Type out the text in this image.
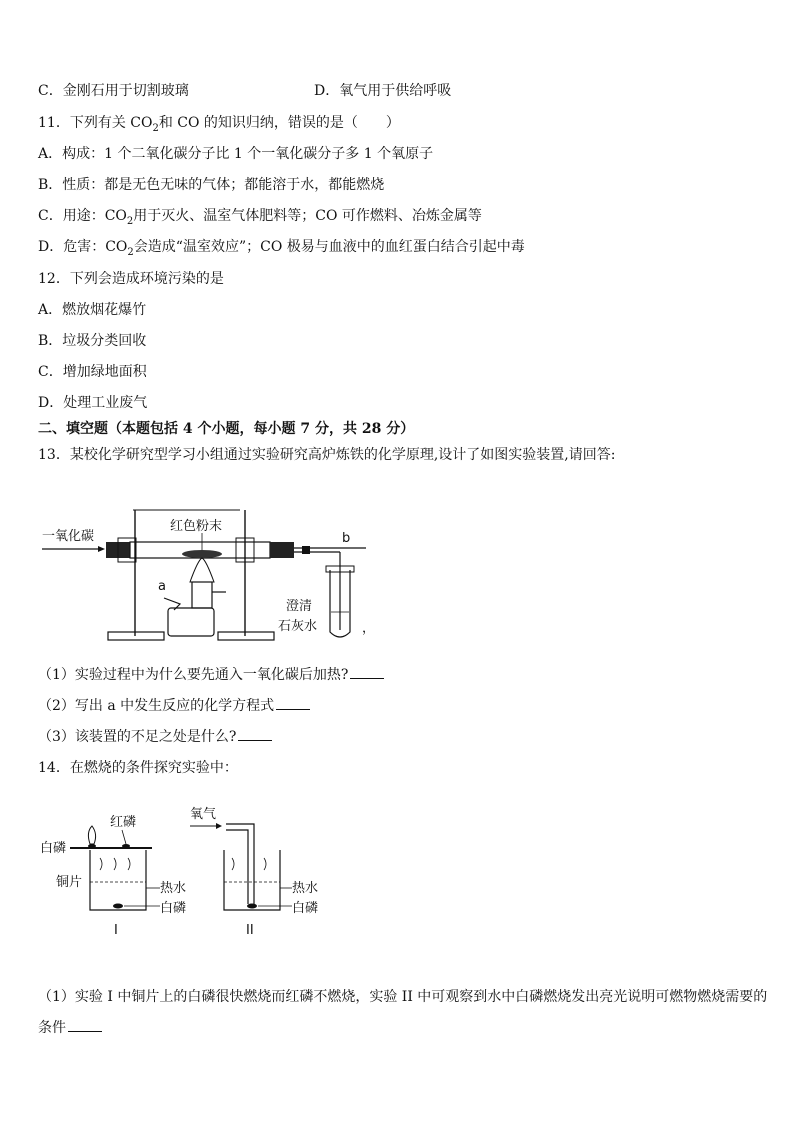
C．金刚石用于切割玻璃	D．氧气用于供给呼吸
11．下列有关 $CO_2$和 CO 的知识归纳，错误的是（　　）
A．构成：1 个二氧化碳分子比 1 个一氧化碳分子多 1 个氧原子
B．性质：都是无色无味的气体；都能溶于水，都能燃烧
C．用途：$CO_2$用于灭火、温室气体肥料等；CO 可作燃料、冶炼金属等
D．危害：$CO_2$会造成“温室效应”；CO 极易与血液中的血红蛋白结合引起中毒
12．下列会造成环境污染的是
A．燃放烟花爆竹
B．垃圾分类回收
C．增加绿地面积
D．处理工业废气
二、填空题（本题包括 4 个小题，每小题 7 分，共 28 分）
13．某校化学研究型学习小组通过实验研究高炉炼铁的化学原理,设计了如图实验装置,请回答:
一氧化碳
红色粉末
a
b
澄清
石灰水	，
（1）实验过程中为什么要先通入一氧化碳后加热?
（2）写出 a 中发生反应的化学方程式
（3）该装置的不足之处是什么?
14．在燃烧的条件探究实验中：
红磷
白磷
铜片	热水
白磷
I
氧气
热水
白磷
II
（1）实验 I 中铜片上的白磷很快燃烧而红磷不燃烧，实验 II 中可观察到水中白磷燃烧发出亮光说明可燃物燃烧需要的
条件
